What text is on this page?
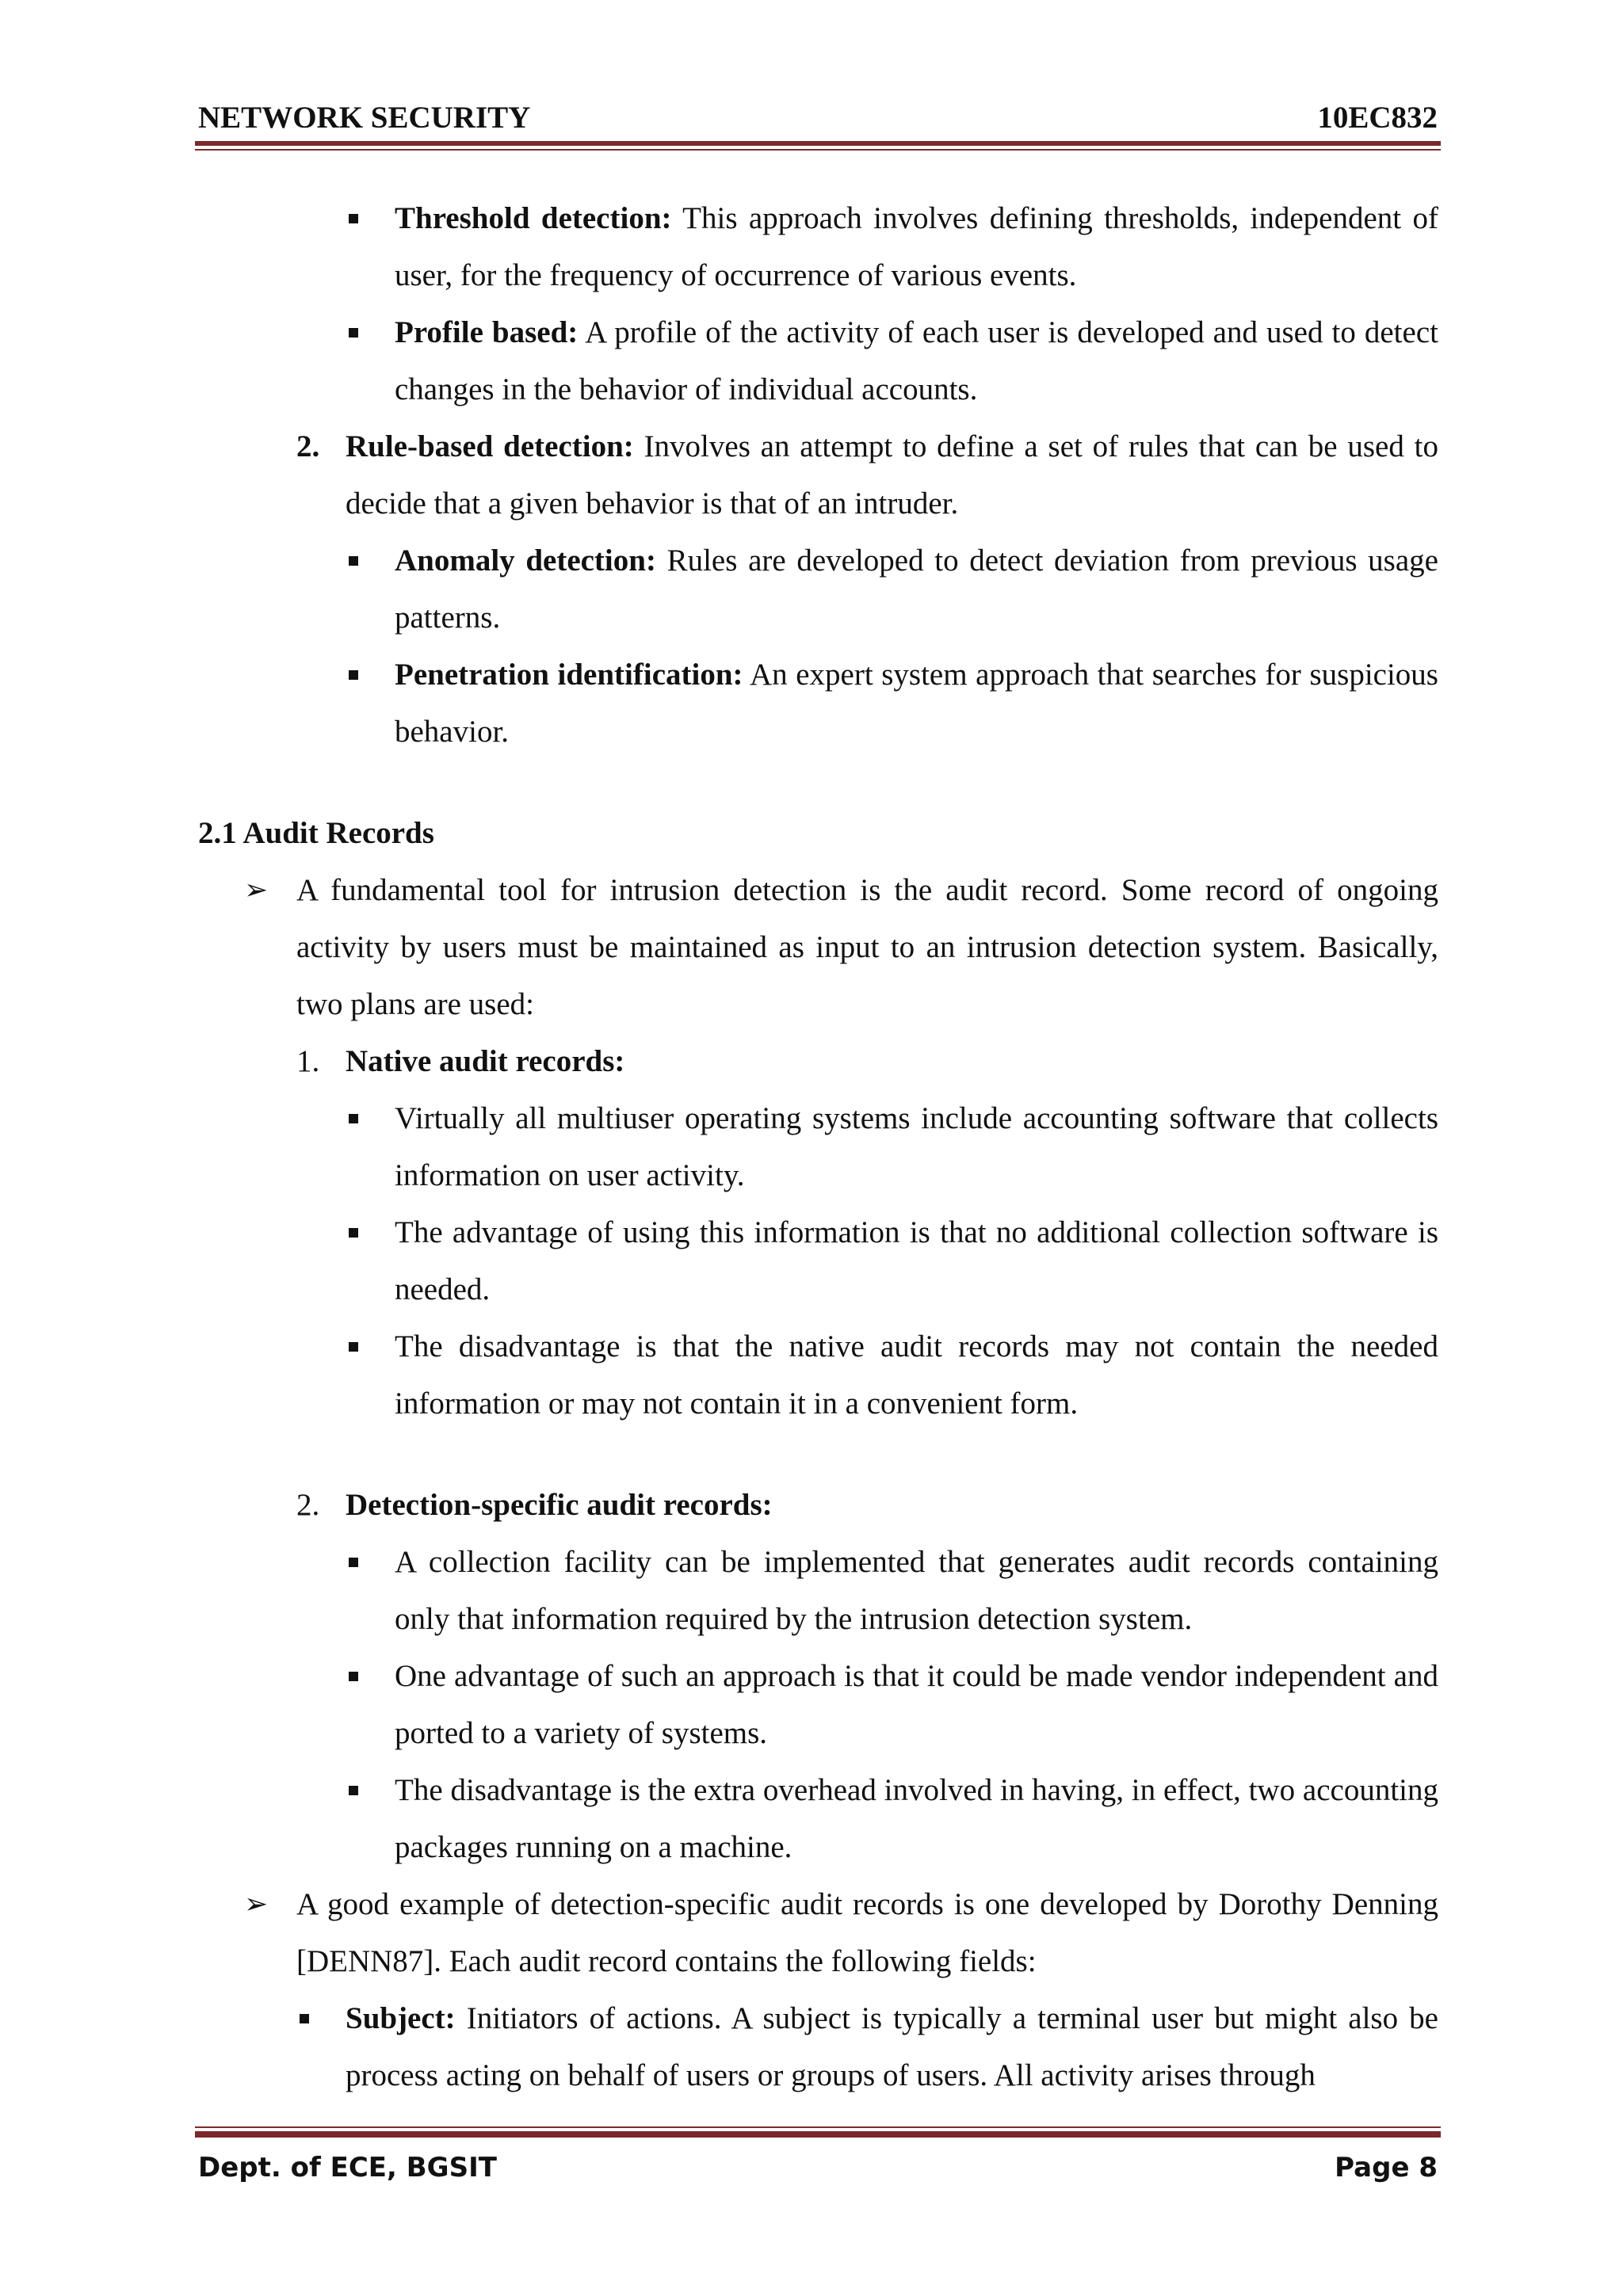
NETWORK SECURITY	10EC832
Threshold detection: This approach involves defining thresholds, independent of user, for the frequency of occurrence of various events.
Profile based: A profile of the activity of each user is developed and used to detect changes in the behavior of individual accounts.
2. Rule-based detection: Involves an attempt to define a set of rules that can be used to decide that a given behavior is that of an intruder.
Anomaly detection: Rules are developed to detect deviation from previous usage patterns.
Penetration identification: An expert system approach that searches for suspicious behavior.
2.1 Audit Records
➢ A fundamental tool for intrusion detection is the audit record. Some record of ongoing activity by users must be maintained as input to an intrusion detection system. Basically, two plans are used:
1. Native audit records:
Virtually all multiuser operating systems include accounting software that collects information on user activity.
The advantage of using this information is that no additional collection software is needed.
The disadvantage is that the native audit records may not contain the needed information or may not contain it in a convenient form.
2. Detection-specific audit records:
A collection facility can be implemented that generates audit records containing only that information required by the intrusion detection system.
One advantage of such an approach is that it could be made vendor independent and ported to a variety of systems.
The disadvantage is the extra overhead involved in having, in effect, two accounting packages running on a machine.
➢ A good example of detection-specific audit records is one developed by Dorothy Denning [DENN87]. Each audit record contains the following fields:
Subject: Initiators of actions. A subject is typically a terminal user but might also be process acting on behalf of users or groups of users. All activity arises through
Dept. of ECE, BGSIT	Page 8
